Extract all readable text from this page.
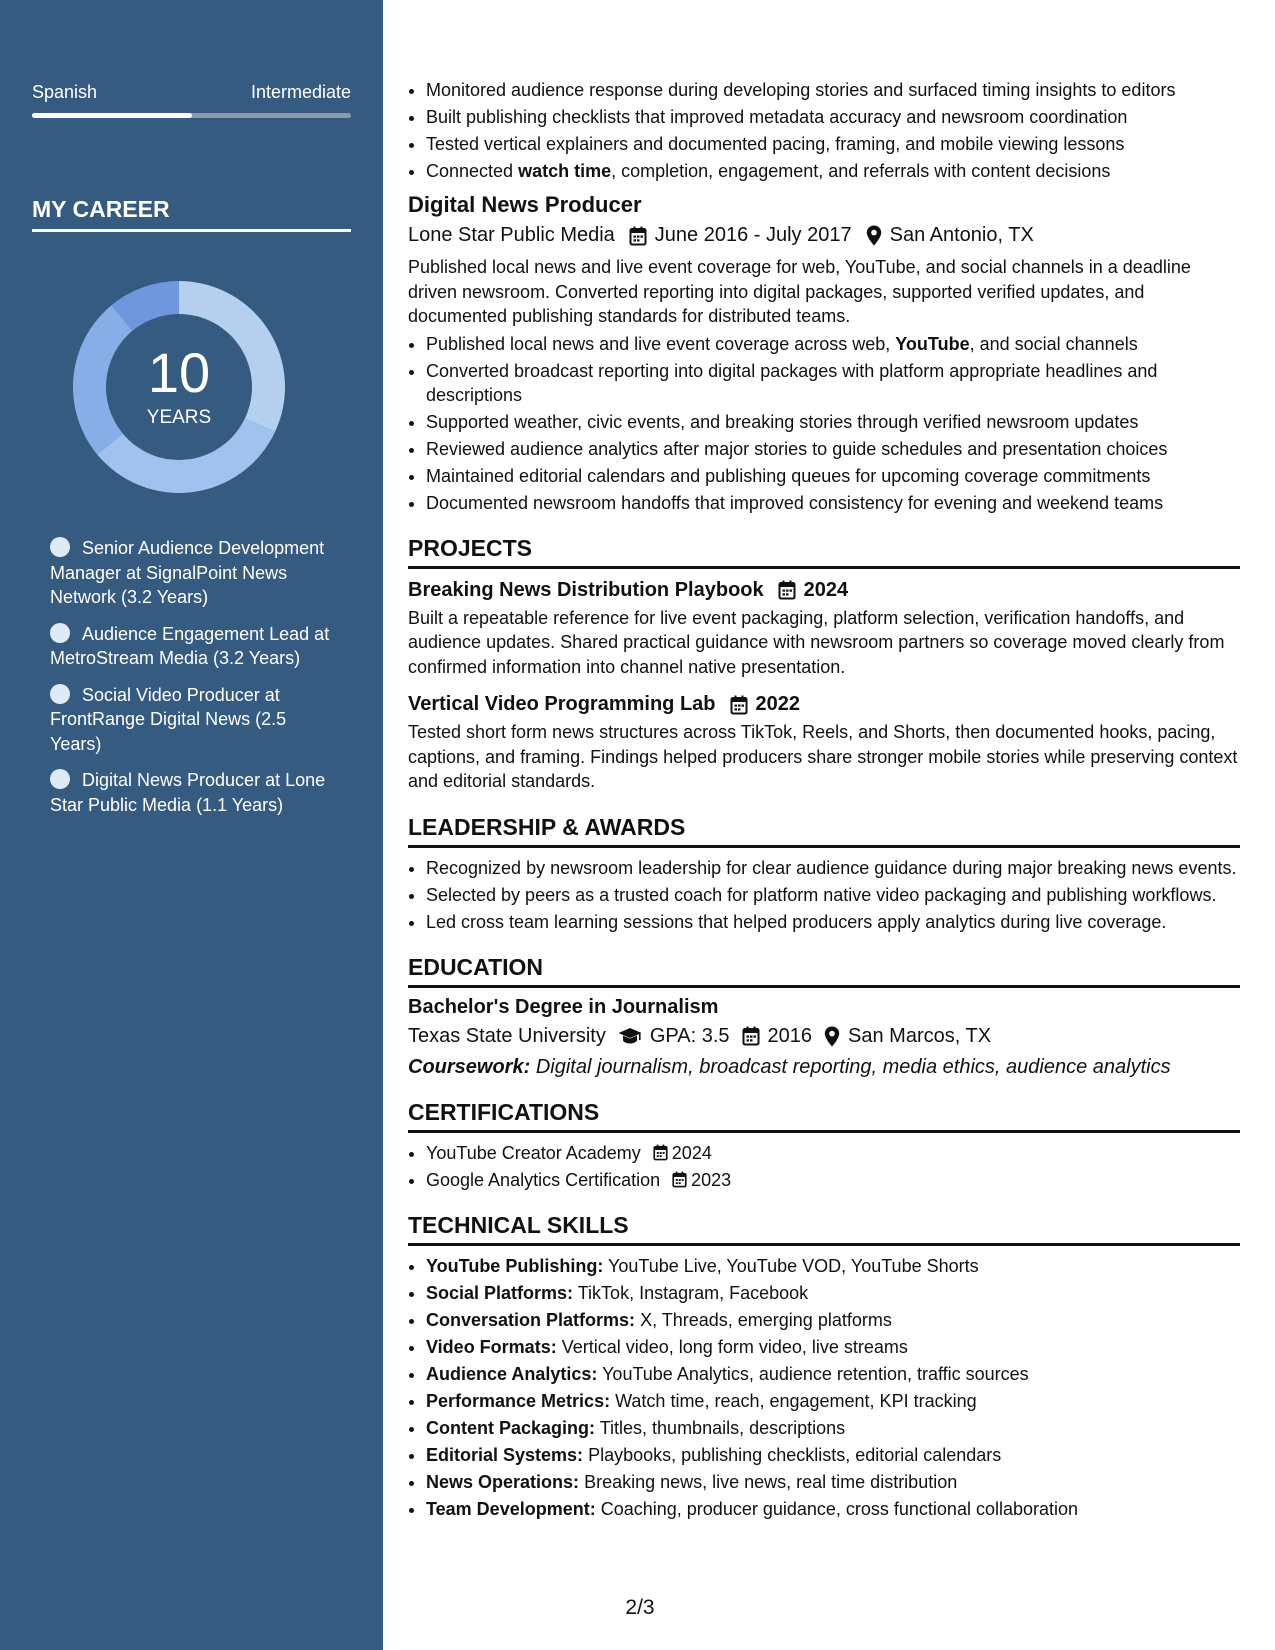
Spanish	Intermediate
MY CAREER
10
YEARS
Senior Audience Development Manager at SignalPoint News Network (3.2 Years)
Audience Engagement Lead at MetroStream Media (3.2 Years)
Social Video Producer at FrontRange Digital News (2.5 Years)
Digital News Producer at Lone Star Public Media (1.1 Years)
• Monitored audience response during developing stories and surfaced timing insights to editors
• Built publishing checklists that improved metadata accuracy and newsroom coordination
• Tested vertical explainers and documented pacing, framing, and mobile viewing lessons
• Connected watch time, completion, engagement, and referrals with content decisions
Digital News Producer
Lone Star Public Media June 2016 - July 2017 San Antonio, TX
Published local news and live event coverage for web, YouTube, and social channels in a deadline driven newsroom. Converted reporting into digital packages, supported verified updates, and documented publishing standards for distributed teams.
• Published local news and live event coverage across web, YouTube, and social channels
• Converted broadcast reporting into digital packages with platform appropriate headlines and descriptions
• Supported weather, civic events, and breaking stories through verified newsroom updates
• Reviewed audience analytics after major stories to guide schedules and presentation choices
• Maintained editorial calendars and publishing queues for upcoming coverage commitments
• Documented newsroom handoffs that improved consistency for evening and weekend teams
PROJECTS
Breaking News Distribution Playbook 2024
Built a repeatable reference for live event packaging, platform selection, verification handoffs, and audience updates. Shared practical guidance with newsroom partners so coverage moved clearly from confirmed information into channel native presentation.
Vertical Video Programming Lab 2022
Tested short form news structures across TikTok, Reels, and Shorts, then documented hooks, pacing, captions, and framing. Findings helped producers share stronger mobile stories while preserving context and editorial standards.
LEADERSHIP & AWARDS
• Recognized by newsroom leadership for clear audience guidance during major breaking news events.
• Selected by peers as a trusted coach for platform native video packaging and publishing workflows.
• Led cross team learning sessions that helped producers apply analytics during live coverage.
EDUCATION
Bachelor's Degree in Journalism
Texas State University GPA: 3.5 2016 San Marcos, TX
Coursework: Digital journalism, broadcast reporting, media ethics, audience analytics
CERTIFICATIONS
• YouTube Creator Academy 2024
• Google Analytics Certification 2023
TECHNICAL SKILLS
• YouTube Publishing: YouTube Live, YouTube VOD, YouTube Shorts
• Social Platforms: TikTok, Instagram, Facebook
• Conversation Platforms: X, Threads, emerging platforms
• Video Formats: Vertical video, long form video, live streams
• Audience Analytics: YouTube Analytics, audience retention, traffic sources
• Performance Metrics: Watch time, reach, engagement, KPI tracking
• Content Packaging: Titles, thumbnails, descriptions
• Editorial Systems: Playbooks, publishing checklists, editorial calendars
• News Operations: Breaking news, live news, real time distribution
• Team Development: Coaching, producer guidance, cross functional collaboration
2/3
